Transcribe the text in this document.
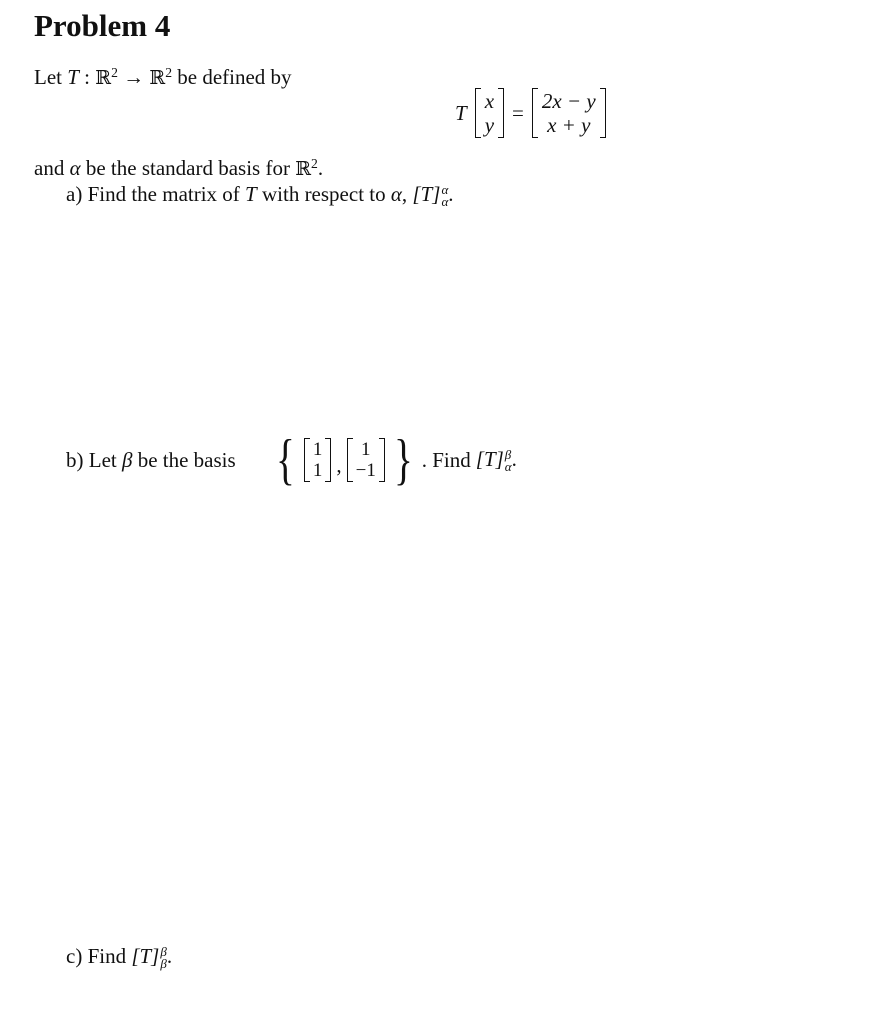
Problem 4
Let T : ℝ$^2$ → ℝ$^2$ be defined by
T x
y
= 2x − y
x + y
and α be the standard basis for ℝ$^2$.
a) Find the matrix of T with respect to α, [T] α
α .
b) Let β be the basis { 1
1 ,
1
−1 } . Find [T] β
α .
c) Find [T] β
β .
